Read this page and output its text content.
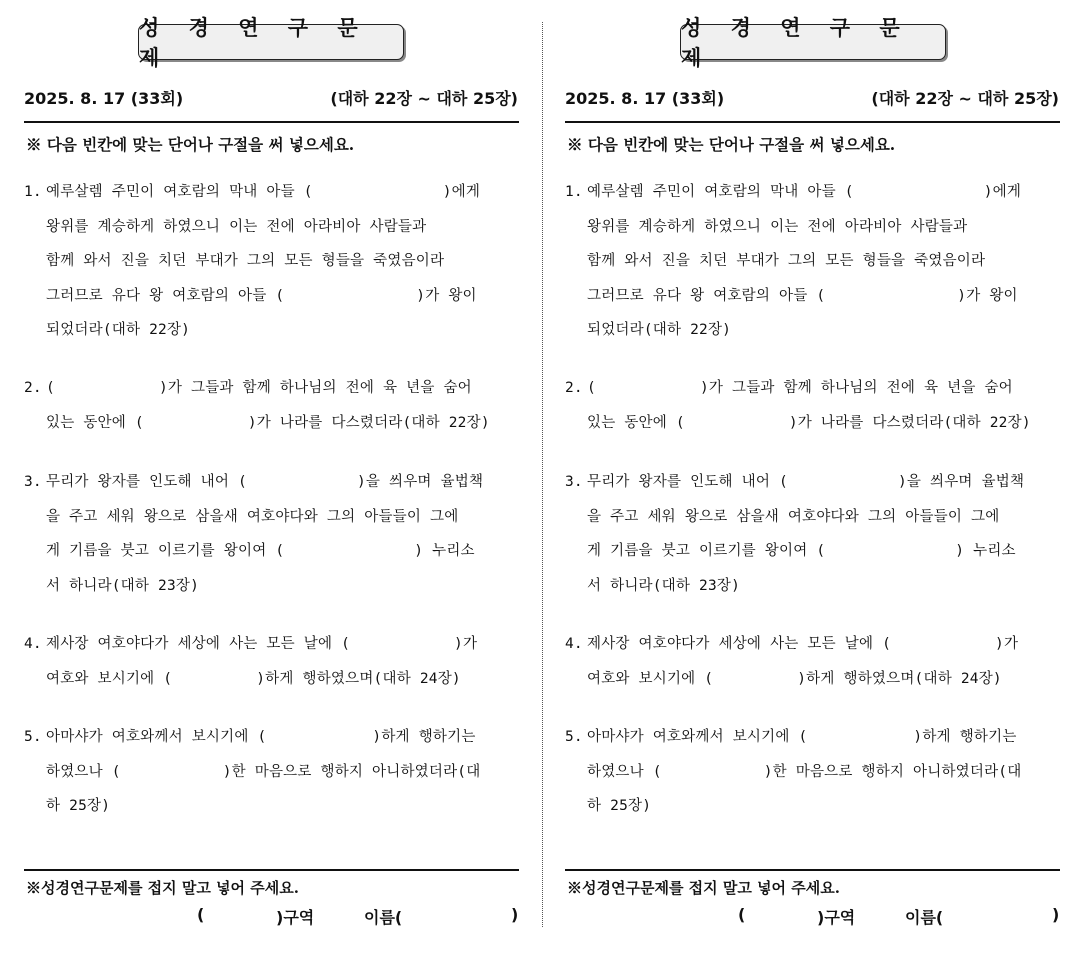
성 경 연 구 문 제
2025. 8. 17 (33회)	(대하 22장 ~ 대하 25장)
※ 다음 빈칸에 맞는 단어나 구절을 써 넣으세요.
1. 예루살렘 주민이 여호람의 막내 아들 (	)에게
왕위를 계승하게 하였으니 이는 전에 아라비아 사람들과
함께 와서 진을 치던 부대가 그의 모든 형들을 죽였음이라
그러므로 유다 왕 여호람의 아들 (	)가 왕이
되었더라(대하 22장)
2. (	)가 그들과 함께 하나님의 전에 육 년을 숨어
있는 동안에 (	)가 나라를 다스렸더라(대하 22장)
3. 무리가 왕자를 인도해 내어 (	)을 씌우며 율법책
을 주고 세워 왕으로 삼을새 여호야다와 그의 아들들이 그에
게 기름을 붓고 이르기를 왕이여 (	) 누리소
서 하니라(대하 23장)
4. 제사장 여호야다가 세상에 사는 모든 날에 (	)가
여호와 보시기에 (	)하게 행하였으며(대하 24장)
5. 아마샤가 여호와께서 보시기에 (	)하게 행하기는
하였으나 (	)한 마음으로 행하지 아니하였더라(대
하 25장)
※성경연구문제를 접지 말고 넣어 주세요.
(	)구역	이름(	)
성 경 연 구 문 제
2025. 8. 17 (33회)	(대하 22장 ~ 대하 25장)
※ 다음 빈칸에 맞는 단어나 구절을 써 넣으세요.
1. 예루살렘 주민이 여호람의 막내 아들 (	)에게
왕위를 계승하게 하였으니 이는 전에 아라비아 사람들과
함께 와서 진을 치던 부대가 그의 모든 형들을 죽였음이라
그러므로 유다 왕 여호람의 아들 (	)가 왕이
되었더라(대하 22장)
2. (	)가 그들과 함께 하나님의 전에 육 년을 숨어
있는 동안에 (	)가 나라를 다스렸더라(대하 22장)
3. 무리가 왕자를 인도해 내어 (	)을 씌우며 율법책
을 주고 세워 왕으로 삼을새 여호야다와 그의 아들들이 그에
게 기름을 붓고 이르기를 왕이여 (	) 누리소
서 하니라(대하 23장)
4. 제사장 여호야다가 세상에 사는 모든 날에 (	)가
여호와 보시기에 (	)하게 행하였으며(대하 24장)
5. 아마샤가 여호와께서 보시기에 (	)하게 행하기는
하였으나 (	)한 마음으로 행하지 아니하였더라(대
하 25장)
※성경연구문제를 접지 말고 넣어 주세요.
(	)구역	이름(	)
